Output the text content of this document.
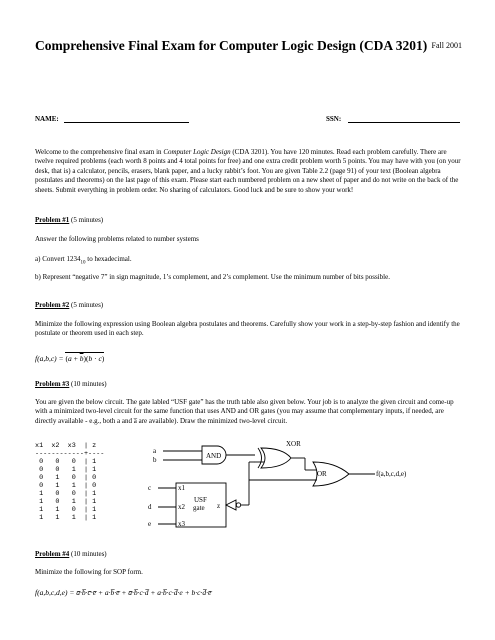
Comprehensive Final Exam for Computer Logic Design (CDA 3201) Fall 2001
NAME:	SSN:

Welcome to the comprehensive final exam in Computer Logic Design (CDA 3201). You have 120 minutes. Read each problem carefully. There are twelve required problems (each worth 8 points and 4 total points for free) and one extra credit problem worth 5 points. You may have with you (on your desk, that is) a calculator, pencils, erasers, blank paper, and a lucky rabbit’s foot. You are given Table 2.2 (page 91) of your text (Boolean algebra postulates and theorems) on the last page of this exam. Please start each numbered problem on a new sheet of paper and do not write on the back of the sheets. Submit everything in problem order. No sharing of calculators. Good luck and be sure to show your work!

Problem #1 (5 minutes)
Answer the following problems related to number systems
a) Convert $1234_{10}$ to hexadecimal.
b) Represent “negative 7” in sign magnitude, 1’s complement, and 2’s complement. Use the minimum number of bits possible.
Problem #2 (5 minutes)

Minimize the following expression using Boolean algebra postulates and theorems. Carefully show your work in a step-by-step fashion and identify the postulate or theorem used in each step.

f(a,b,c) = (a + b)(b · c)
Problem #3 (10 minutes)

You are given the below circuit. The gate labled “USF gate” has the truth table also given below. Your job is to analyze the given circuit and come-up with a minimized two-level circuit for the same function that uses AND and OR gates (you may assume that complementary inputs, if needed, are directly available - e.g., both a and a̅ are available). Draw the minimized two-level circuit.

x1  x2  x3  | z
------------+----
0   0   0  | 1
0   0   1  | 1
0   1   0  | 0
0   1   1  | 0
1   0   0  | 1
1   0   1  | 1
1   1   0  | 1
1   1   1  | 1

a
b
c
d
e
AND
XOR
OR
USF
gate
x1
x2
x3
z
f(a,b,c,d,e)
Problem #4 (10 minutes)
Minimize the following for SOP form.
f(a,b,c,d,e) = a̅·b̅·c̅·e̅ + a·b̅·e̅ + a̅·b̅·c·d̅ + a·b̅·c·d̅·e + b·c·d̅·e̅
